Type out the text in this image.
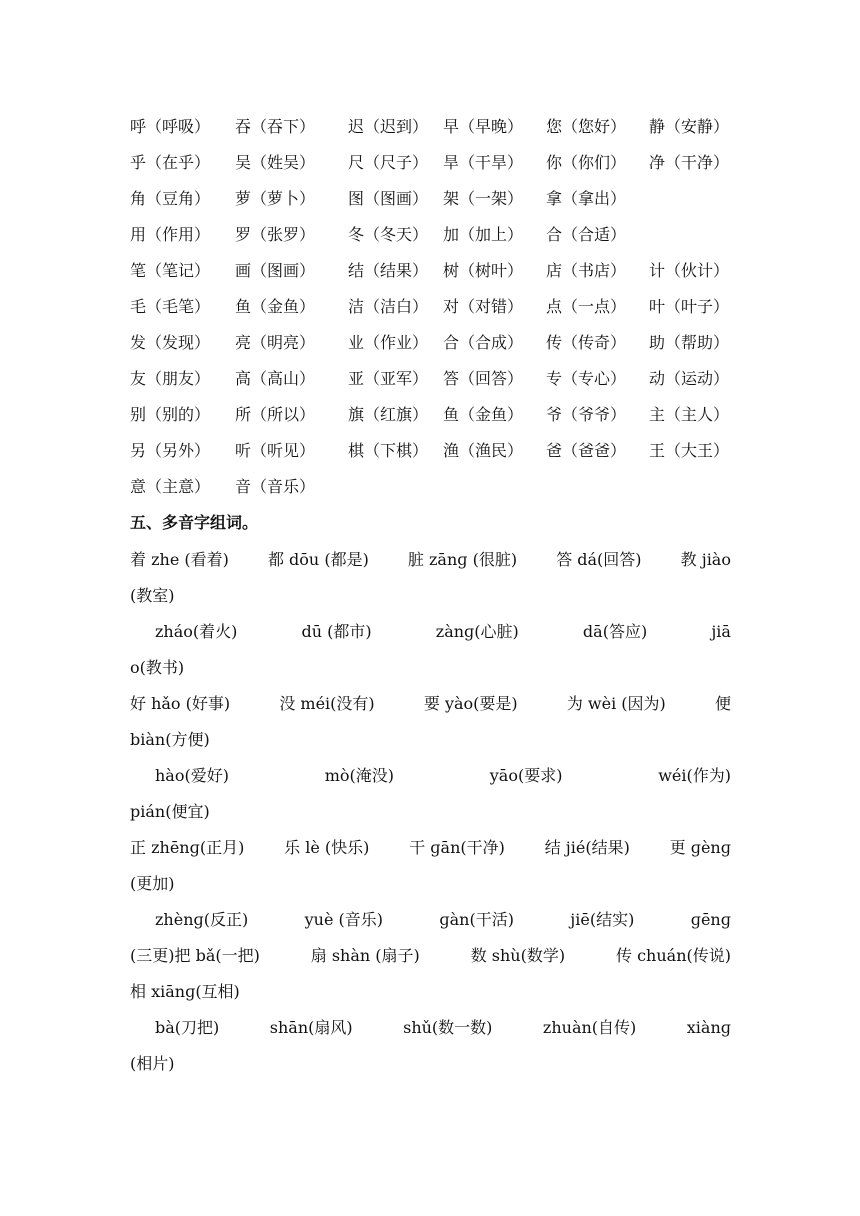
呼（呼吸） 吞（吞下） 迟（迟到） 早（早晚） 您（您好） 静（安静）
乎（在乎） 吴（姓吴） 尺（尺子） 旱（干旱） 你（你们） 净（干净）
角（豆角） 萝（萝卜） 图（图画） 架（一架） 拿（拿出）
用（作用） 罗（张罗） 冬（冬天） 加（加上） 合（合适）
笔（笔记） 画（图画） 结（结果） 树（树叶） 店（书店） 计（伙计）
毛（毛笔） 鱼（金鱼） 洁（洁白） 对（对错） 点（一点） 叶（叶子）
发（发现） 亮（明亮） 业（作业） 合（合成） 传（传奇） 助（帮助）
友（朋友） 高（高山） 亚（亚军） 答（回答） 专（专心） 动（运动）
别（别的） 所（所以） 旗（红旗） 鱼（金鱼） 爷（爷爷） 主（主人）
另（另外） 听（听见） 棋（下棋） 渔（渔民） 爸（爸爸） 王（大王）
意（主意） 音（音乐）
五、多音字组词。
着 zhe (看着) 都 dōu (都是) 脏 zānɡ (很脏) 答 dá(回答) 教 jiào
(教室)
zháo(着火)	dū (都市)	zànɡ(心脏)	dā(答应)	jiā
o(教书)
好 hǎo (好事)	没 méi(没有)	要 yào(要是)	为 wèi (因为)	便
biàn(方便)
hào(爱好)	mò(淹没)	yāo(要求)	wéi(作为)
pián(便宜)
正 zhēnɡ(正月) 乐 lè (快乐) 干 ɡān(干净) 结 jié(结果) 更 ɡènɡ
(更加)
zhènɡ(反正)	yuè (音乐)	ɡàn(干活)	jiē(结实)	ɡēnɡ
(三更)把 bǎ(一把)	扇 shàn (扇子)	数 shù(数学)	传 chuán(传说)
相 xiānɡ(互相)
bà(刀把)	shān(扇风)	shǔ(数一数)	zhuàn(自传)	xiànɡ
(相片)
